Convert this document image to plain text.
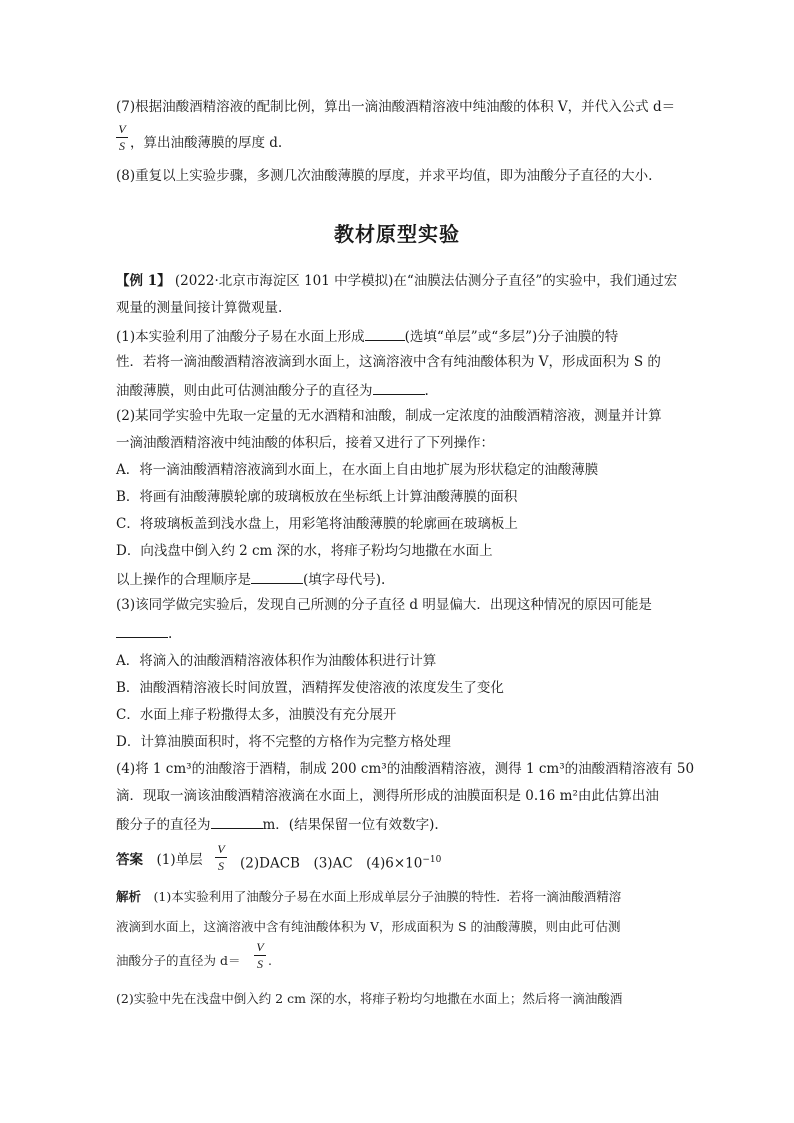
(7)根据油酸酒精溶液的配制比例，算出一滴油酸酒精溶液中纯油酸的体积 V，并代入公式 d＝
V
S ，算出油酸薄膜的厚度 d.
(8)重复以上实验步骤，多测几次油酸薄膜的厚度，并求平均值，即为油酸分子直径的大小.
教材原型实验
【例 1】 (2022·北京市海淀区 101 中学模拟)在“油膜法估测分子直径”的实验中，我们通过宏
观量的测量间接计算微观量.
(1)本实验利用了油酸分子易在水面上形成	(选填“单层”或“多层”)分子油膜的特
性．若将一滴油酸酒精溶液滴到水面上，这滴溶液中含有纯油酸体积为 V，形成面积为 S 的
油酸薄膜，则由此可估测油酸分子的直径为	.
(2)某同学实验中先取一定量的无水酒精和油酸，制成一定浓度的油酸酒精溶液，测量并计算
一滴油酸酒精溶液中纯油酸的体积后，接着又进行了下列操作：
A．将一滴油酸酒精溶液滴到水面上，在水面上自由地扩展为形状稳定的油酸薄膜
B．将画有油酸薄膜轮廓的玻璃板放在坐标纸上计算油酸薄膜的面积
C．将玻璃板盖到浅水盘上，用彩笔将油酸薄膜的轮廓画在玻璃板上
D．向浅盘中倒入约 2 cm 深的水，将痱子粉均匀地撒在水面上
以上操作的合理顺序是	(填字母代号).
(3)该同学做完实验后，发现自己所测的分子直径 d 明显偏大．出现这种情况的原因可能是
.
A．将滴入的油酸酒精溶液体积作为油酸体积进行计算
B．油酸酒精溶液长时间放置，酒精挥发使溶液的浓度发生了变化
C．水面上痱子粉撒得太多，油膜没有充分展开
D．计算油膜面积时，将不完整的方格作为完整方格处理
(4)将 1 cm³的油酸溶于酒精，制成 200 cm³的油酸酒精溶液，测得 1 cm³的油酸酒精溶液有 50
滴．现取一滴该油酸酒精溶液滴在水面上，测得所形成的油膜面积是 0.16 m²由此估算出油
酸分子的直径为	m．(结果保留一位有效数字).
答案　 (1)单层
V
S (2)DACB　(3)AC　$(4)6\times 10^{-10}$
解析　 (1)本实验利用了油酸分子易在水面上形成单层分子油膜的特性．若将一滴油酸酒精溶
液滴到水面上，这滴溶液中含有纯油酸体积为 V，形成面积为 S 的油酸薄膜，则由此可估测
油酸分子的直径为 d＝
V
S .
(2)实验中先在浅盘中倒入约 2 cm 深的水，将痱子粉均匀地撒在水面上；然后将一滴油酸酒
